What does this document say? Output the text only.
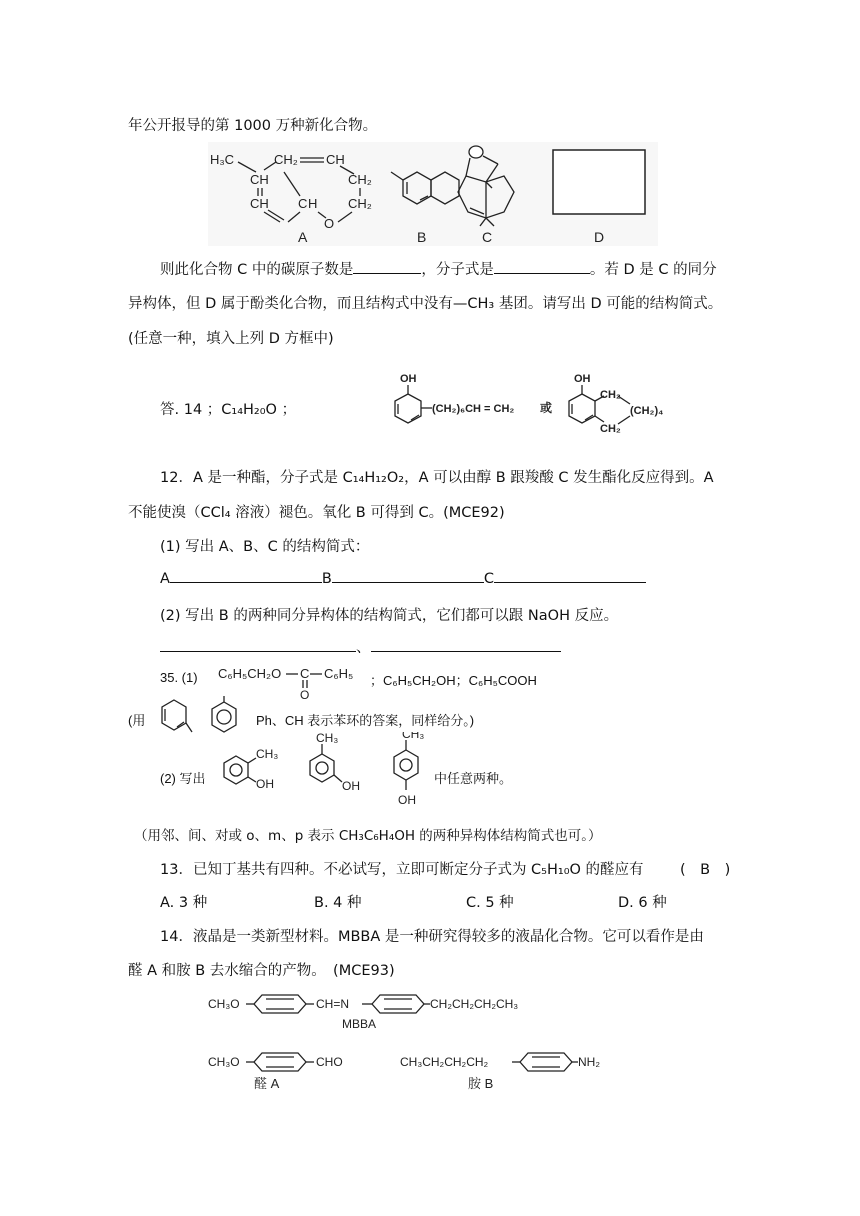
年公开报导的第 1000 万种新化合物。
H₃C	CH₂ CH
CH	CH₂
CH C H CH₂
O
A	B	C	D
则此化合物 C 中的碳原子数是	，分子式是	。若 D 是 C 的同分
异构体，但 D 属于酚类化合物，而且结构式中没有—CH₃ 基团。请写出 D 可能的结构简式。
(任意一种，填入上列 D 方框中)
答. 14 ；C₁₄H₂₀O ；
OH
(CH₂)₆CH = CH₂ 或
OH
CH₂
CH₂
(CH₂)₄
12．A 是一种酯，分子式是 C₁₄H₁₂O₂，A 可以由醇 B 跟羧酸 C 发生酯化反应得到。A
不能使溴（CCl₄ 溶液）褪色。氧化 B 可得到 C。(MCE92)
(1) 写出 A、B、C 的结构简式：
A	B	C
(2) 写出 B 的两种同分异构体的结构简式，它们都可以跟 NaOH 反应。
、
35. (1) C₆H₅CH₂O C C₆H₅
O
；C₆H₅CH₂OH；C₆H₅COOH
(用	Ph、CH 表示苯环的答案，同样给分。)
(2) 写出
CH₃
OH
CH₃
OH
CH₃
OH
中任意两种。
（用邻、间、对或 o、m、p 表示 CH₃C₆H₄OH 的两种异构体结构简式也可。）
13．已知丁基共有四种。不必试写，立即可断定分子式为 C₅H₁₀O 的醛应有	(　B　)
A. 3 种	B. 4 种	C. 5 种	D. 6 种
14．液晶是一类新型材料。MBBA 是一种研究得较多的液晶化合物。它可以看作是由
醛 A 和胺 B 去水缩合的产物。　(MCE93)
CH₃O	CH=N	CH₂CH₂CH₂CH₃
MBBA
CH₃O	CHO
醛 A
CH₃CH₂CH₂CH₂	NH₂
胺 B
